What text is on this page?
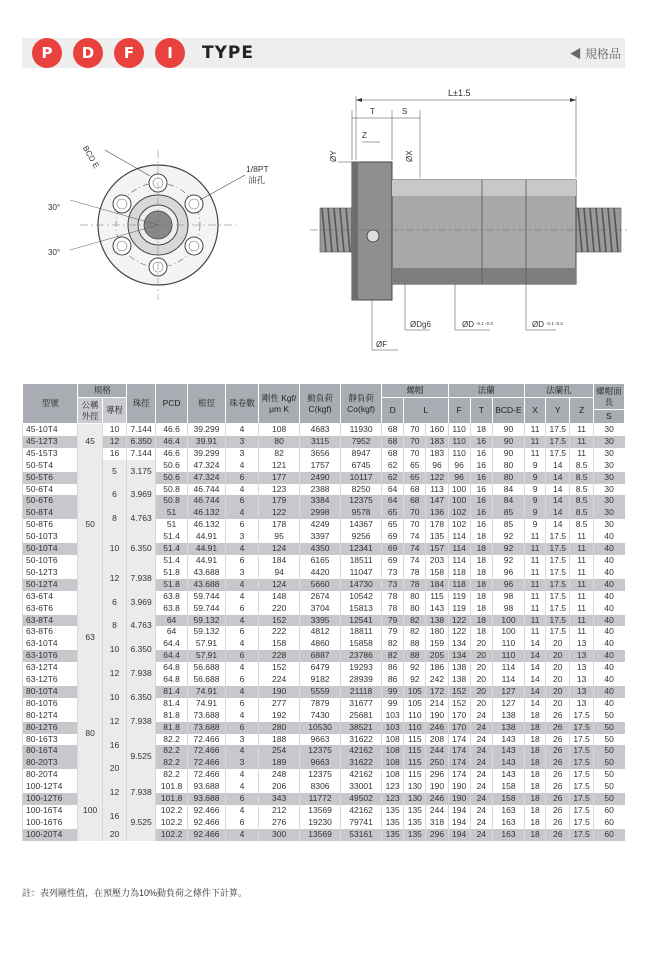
P	D	F	I	TYPE	◀ 規格品
BCD E
30°
30°
1/8PT
油孔
L±1.5
T	S
Z
ØY	ØX
ØDg6	ØD -0.1 -0.3	ØD -0.1 -0.3
ØF
型號	規格		珠徑	PCD	根徑	珠卷數	剛性 Kgf/μm K	動負荷 C(kgf)	靜負荷 Co(kgf)	螺帽			法蘭			法蘭孔			螺帽面長
	公稱外徑	導程								D	L		F	T	BCD-E	X	Y	Z	
																			S
45-10T4	45	10	7.144	46.6	39.299	4	108	4683	11930	68	70	160	110	18	90	11	17.5	11	30
45-12T3		12	6.350	46.4	39.91	3	80	3115	7952	68	70	183	110	16	90	11	17.5	11	30
45-15T3		16	7.144	46.6	39.299	3	82	3656	8947	68	70	183	110	16	90	11	17.5	11	30
50-5T4	50	5	3.175	50.6	47.324	4	121	1757	6745	62	65	96	96	16	80	9	14	8.5	30
50-5T6				50.6	47.324	6	177	2490	10117	62	65	122	96	16	80	9	14	8.5	30
50-6T4		6	3.969	50.8	46.744	4	123	2388	8250	64	68	113	100	16	84	9	14	8.5	30
50-6T6				50.8	46.744	6	179	3384	12375	64	68	147	100	16	84	9	14	8.5	30
50-8T4		8	4.763	51	46.132	4	122	2998	9578	65	70	136	102	16	85	9	14	8.5	30
50-8T6				51	46.132	6	178	4249	14367	65	70	178	102	16	85	9	14	8.5	30
50-10T3		10	6.350	51.4	44.91	3	95	3397	9256	69	74	135	114	18	92	11	17.5	11	40
50-10T4				51.4	44.91	4	124	4350	12341	69	74	157	114	18	92	11	17.5	11	40
50-10T6				51.4	44.91	6	184	6165	18511	69	74	203	114	18	92	11	17.5	11	40
50-12T3		12	7.938	51.8	43.688	3	94	4420	11047	73	78	158	118	18	96	11	17.5	11	40
50-12T4				51.8	43.688	4	124	5660	14730	73	78	184	118	18	96	11	17.5	11	40
63-6T4	63	6	3.969	63.8	59.744	4	148	2674	10542	78	80	115	119	18	98	11	17.5	11	40
63-6T6				63.8	59.744	6	220	3704	15813	78	80	143	119	18	98	11	17.5	11	40
63-8T4		8	4.763	64	59.132	4	152	3395	12541	79	82	138	122	18	100	11	17.5	11	40
63-8T6				64	59.132	6	222	4812	18811	79	82	180	122	18	100	11	17.5	11	40
63-10T4		10	6.350	64.4	57.91	4	158	4860	15858	82	88	159	134	20	110	14	20	13	40
63-10T6				64.4	57.91	6	228	6887	23786	82	88	205	134	20	110	14	20	13	40
63-12T4		12	7.938	64.8	56.688	4	152	6479	19293	86	92	186	138	20	114	14	20	13	40
63-12T6				64.8	56.688	6	224	9182	28939	86	92	242	138	20	114	14	20	13	40
80-10T4	80	10	6.350	81.4	74.91	4	190	5559	21118	99	105	172	152	20	127	14	20	13	40
80-10T6				81.4	74.91	6	277	7879	31677	99	105	214	152	20	127	14	20	13	40
80-12T4		12	7.938	81.8	73.688	4	192	7430	25681	103	110	190	170	24	138	18	26	17.5	50
80-12T6				81.8	73.688	6	280	10530	38521	103	110	246	170	24	138	18	26	17.5	50
80-16T3		16	9.525	82.2	72.466	3	188	9663	31622	108	115	208	174	24	143	18	26	17.5	50
80-16T4				82.2	72.466	4	254	12375	42162	108	115	244	174	24	143	18	26	17.5	50
80-20T3		20		82.2	72.466	3	189	9663	31622	108	115	250	174	24	143	18	26	17.5	50
80-20T4				82.2	72.466	4	248	12375	42162	108	115	296	174	24	143	18	26	17.5	50
100-12T4	100	12	7.938	101.8	93.688	4	206	8306	33001	123	130	190	190	24	158	18	26	17.5	50
100-12T6				101.8	93.688	6	343	11772	49502	123	130	246	190	24	158	18	26	17.5	50
100-16T4		16	9.525	102.2	92.466	4	212	13569	42162	135	135	244	194	24	163	18	26	17.5	60
100-16T6				102.2	92.466	6	276	19230	79741	135	135	318	194	24	163	18	26	17.5	60
100-20T4		20		102.2	92.466	4	300	13569	53161	135	135	296	194	24	163	18	26	17.5	60
註：表列剛性值，在預壓力為10%動負荷之條件下計算。
